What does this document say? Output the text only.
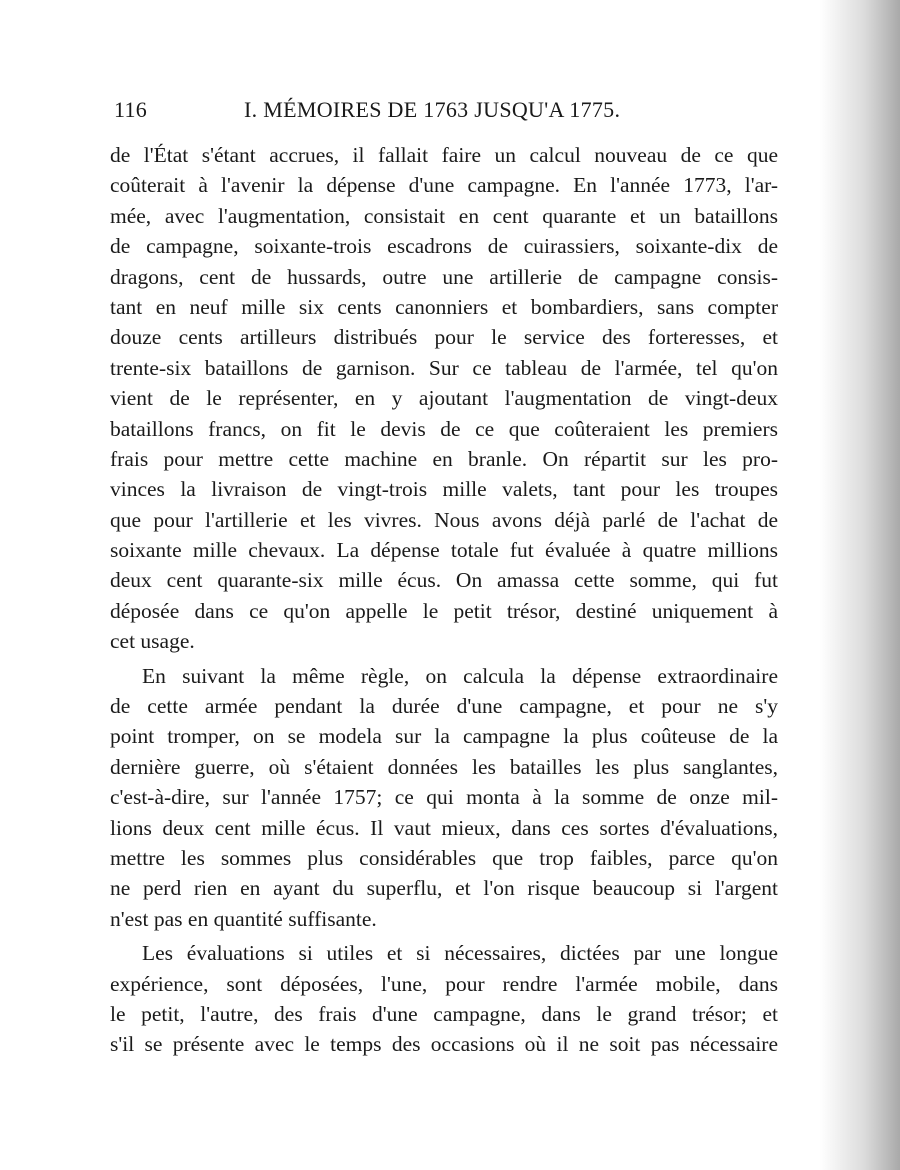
116	I. MÉMOIRES DE 1763 JUSQU'A 1775.
de l'État s'étant accrues, il fallait faire un calcul nouveau de ce que
coûterait à l'avenir la dépense d'une campagne. En l'année 1773, l'ar-
mée, avec l'augmentation, consistait en cent quarante et un bataillons
de campagne, soixante-trois escadrons de cuirassiers, soixante-dix de
dragons, cent de hussards, outre une artillerie de campagne consis-
tant en neuf mille six cents canonniers et bombardiers, sans compter
douze cents artilleurs distribués pour le service des forteresses, et
trente-six bataillons de garnison. Sur ce tableau de l'armée, tel qu'on
vient de le représenter, en y ajoutant l'augmentation de vingt-deux
bataillons francs, on fit le devis de ce que coûteraient les premiers
frais pour mettre cette machine en branle. On répartit sur les pro-
vinces la livraison de vingt-trois mille valets, tant pour les troupes
que pour l'artillerie et les vivres. Nous avons déjà parlé de l'achat de
soixante mille chevaux. La dépense totale fut évaluée à quatre millions
deux cent quarante-six mille écus. On amassa cette somme, qui fut
déposée dans ce qu'on appelle le petit trésor, destiné uniquement à
cet usage.
En suivant la même règle, on calcula la dépense extraordinaire
de cette armée pendant la durée d'une campagne, et pour ne s'y
point tromper, on se modela sur la campagne la plus coûteuse de la
dernière guerre, où s'étaient données les batailles les plus sanglantes,
c'est-à-dire, sur l'année 1757; ce qui monta à la somme de onze mil-
lions deux cent mille écus. Il vaut mieux, dans ces sortes d'évaluations,
mettre les sommes plus considérables que trop faibles, parce qu'on
ne perd rien en ayant du superflu, et l'on risque beaucoup si l'argent
n'est pas en quantité suffisante.
Les évaluations si utiles et si nécessaires, dictées par une longue
expérience, sont déposées, l'une, pour rendre l'armée mobile, dans
le petit, l'autre, des frais d'une campagne, dans le grand trésor; et
s'il se présente avec le temps des occasions où il ne soit pas nécessaire
